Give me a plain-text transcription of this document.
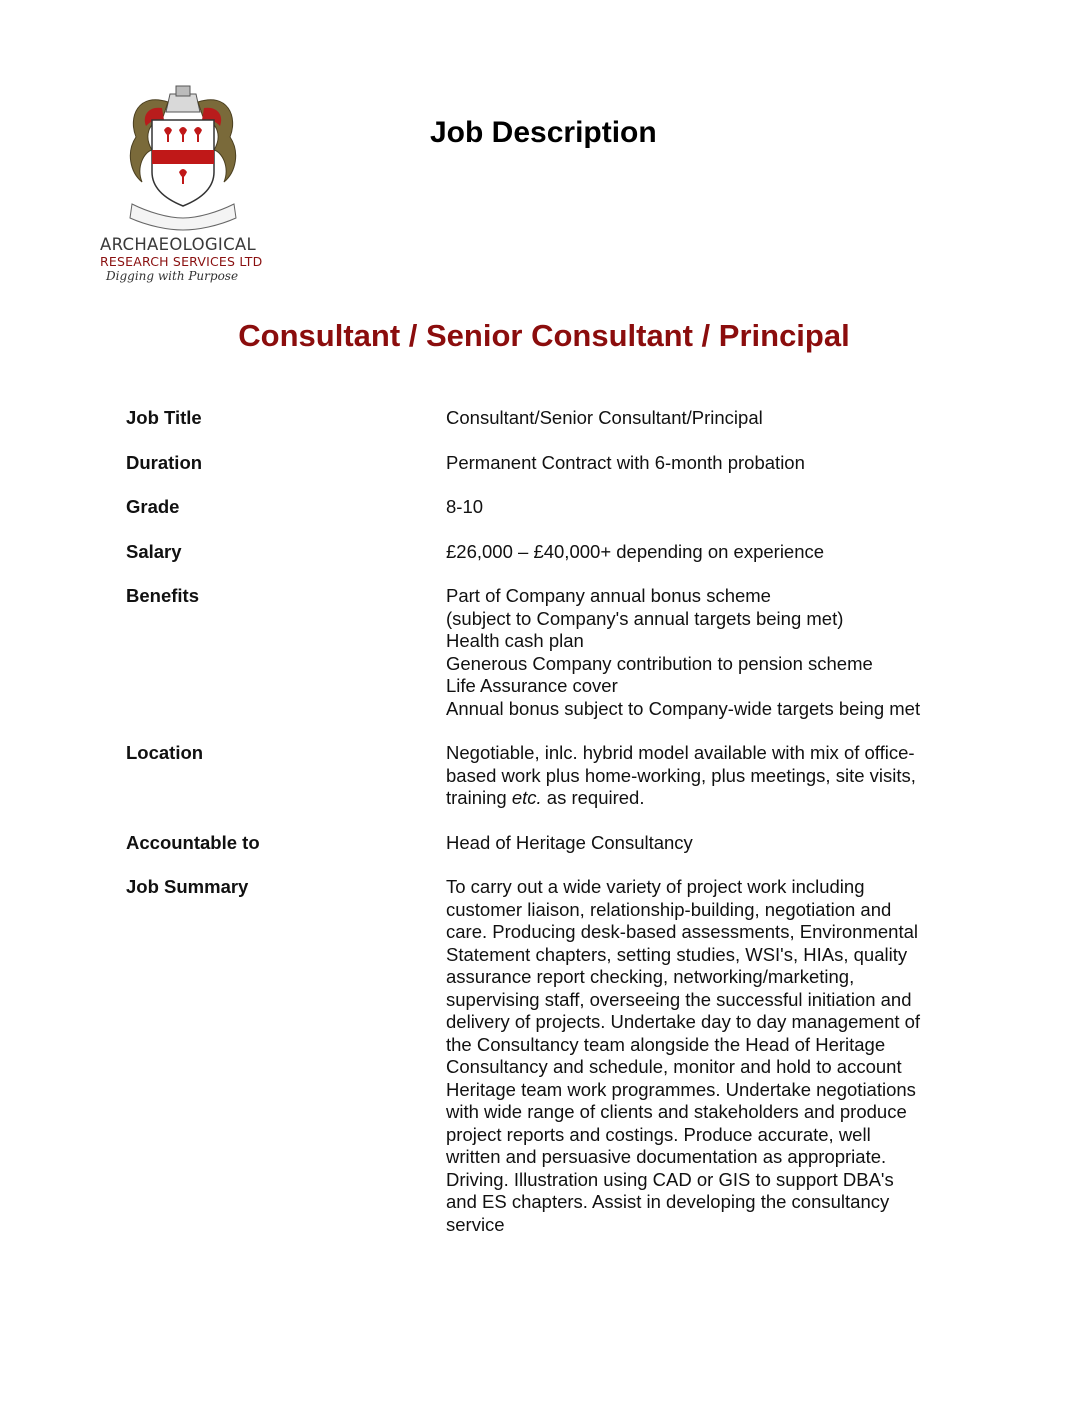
ARCHAEOLOGICAL
RESEARCH SERVICES LTD
Digging with Purpose
Job Description
Consultant / Senior Consultant / Principal
Job Title	Consultant/Senior Consultant/Principal
Duration	Permanent Contract with 6-month probation
Grade	8-10
Salary	£26,000 – £40,000+ depending on experience
Benefits	Part of Company annual bonus scheme
(subject to Company's annual targets being met)
Health cash plan
Generous Company contribution to pension scheme
Life Assurance cover
Annual bonus subject to Company-wide targets being met
Location	Negotiable, inlc. hybrid model available with mix of office-based work plus home-working, plus meetings, site visits, training etc. as required.
Accountable to	Head of Heritage Consultancy
Job Summary	To carry out a wide variety of project work including customer liaison, relationship-building, negotiation and care. Producing desk-based assessments, Environmental Statement chapters, setting studies, WSI's, HIAs, quality assurance report checking, networking/marketing, supervising staff, overseeing the successful initiation and delivery of projects. Undertake day to day management of the Consultancy team alongside the Head of Heritage Consultancy and schedule, monitor and hold to account Heritage team work programmes. Undertake negotiations with wide range of clients and stakeholders and produce project reports and costings. Produce accurate, well written and persuasive documentation as appropriate. Driving. Illustration using CAD or GIS to support DBA's and ES chapters. Assist in developing the consultancy service
